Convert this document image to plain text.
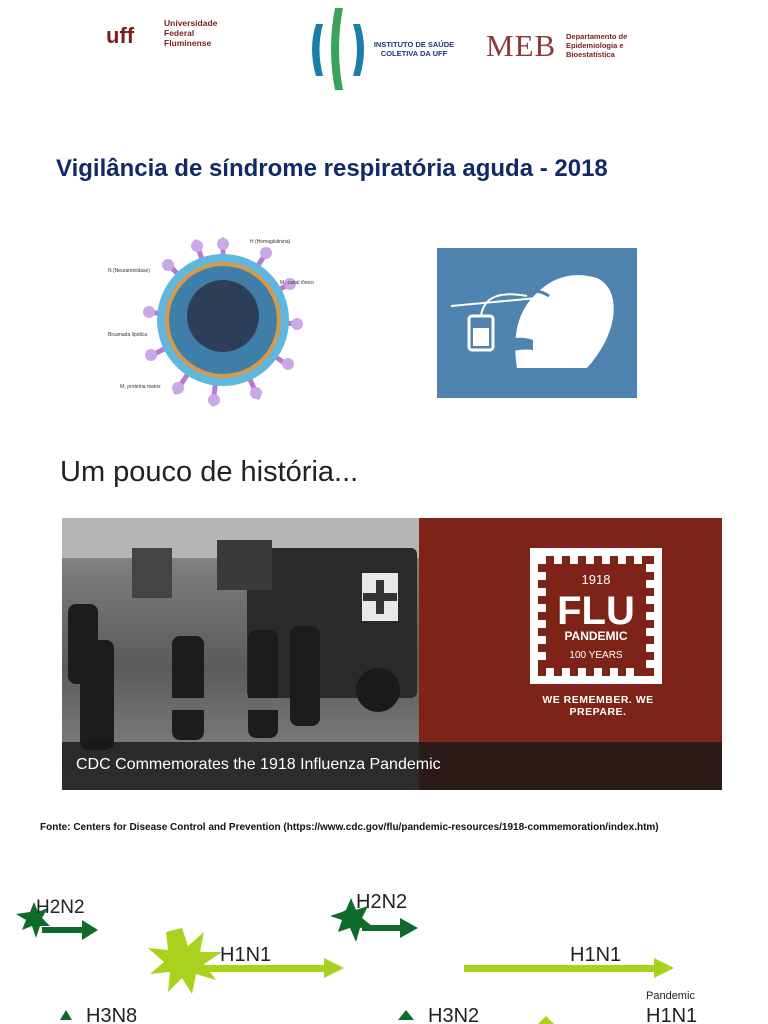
uff	Universidade
Federal
Fluminense	INSTITUTO DE SAÚDE
COLETIVA DA UFF	MEB Departamento de
Epidemiologia e
Bioestatística
Vigilância de síndrome respiratória aguda - 2018
H (Hemaglutinina)
N (Neuraminidase)
M₂ canal iônico
Bicamada lipídica
M₁ proteína matriz
Um pouco de história...
1918
FLU
PANDEMIC
100 YEARS
WE REMEMBER. WE PREPARE.
CDC Commemorates the 1918 Influenza Pandemic
Fonte: Centers for Disease Control and Prevention (https://www.cdc.gov/flu/pandemic-resources/1918-commemoration/index.htm)
H2N2
H1N1
H2N2
H1N1
H3N8	H3N2
Pandemic
H1N1
